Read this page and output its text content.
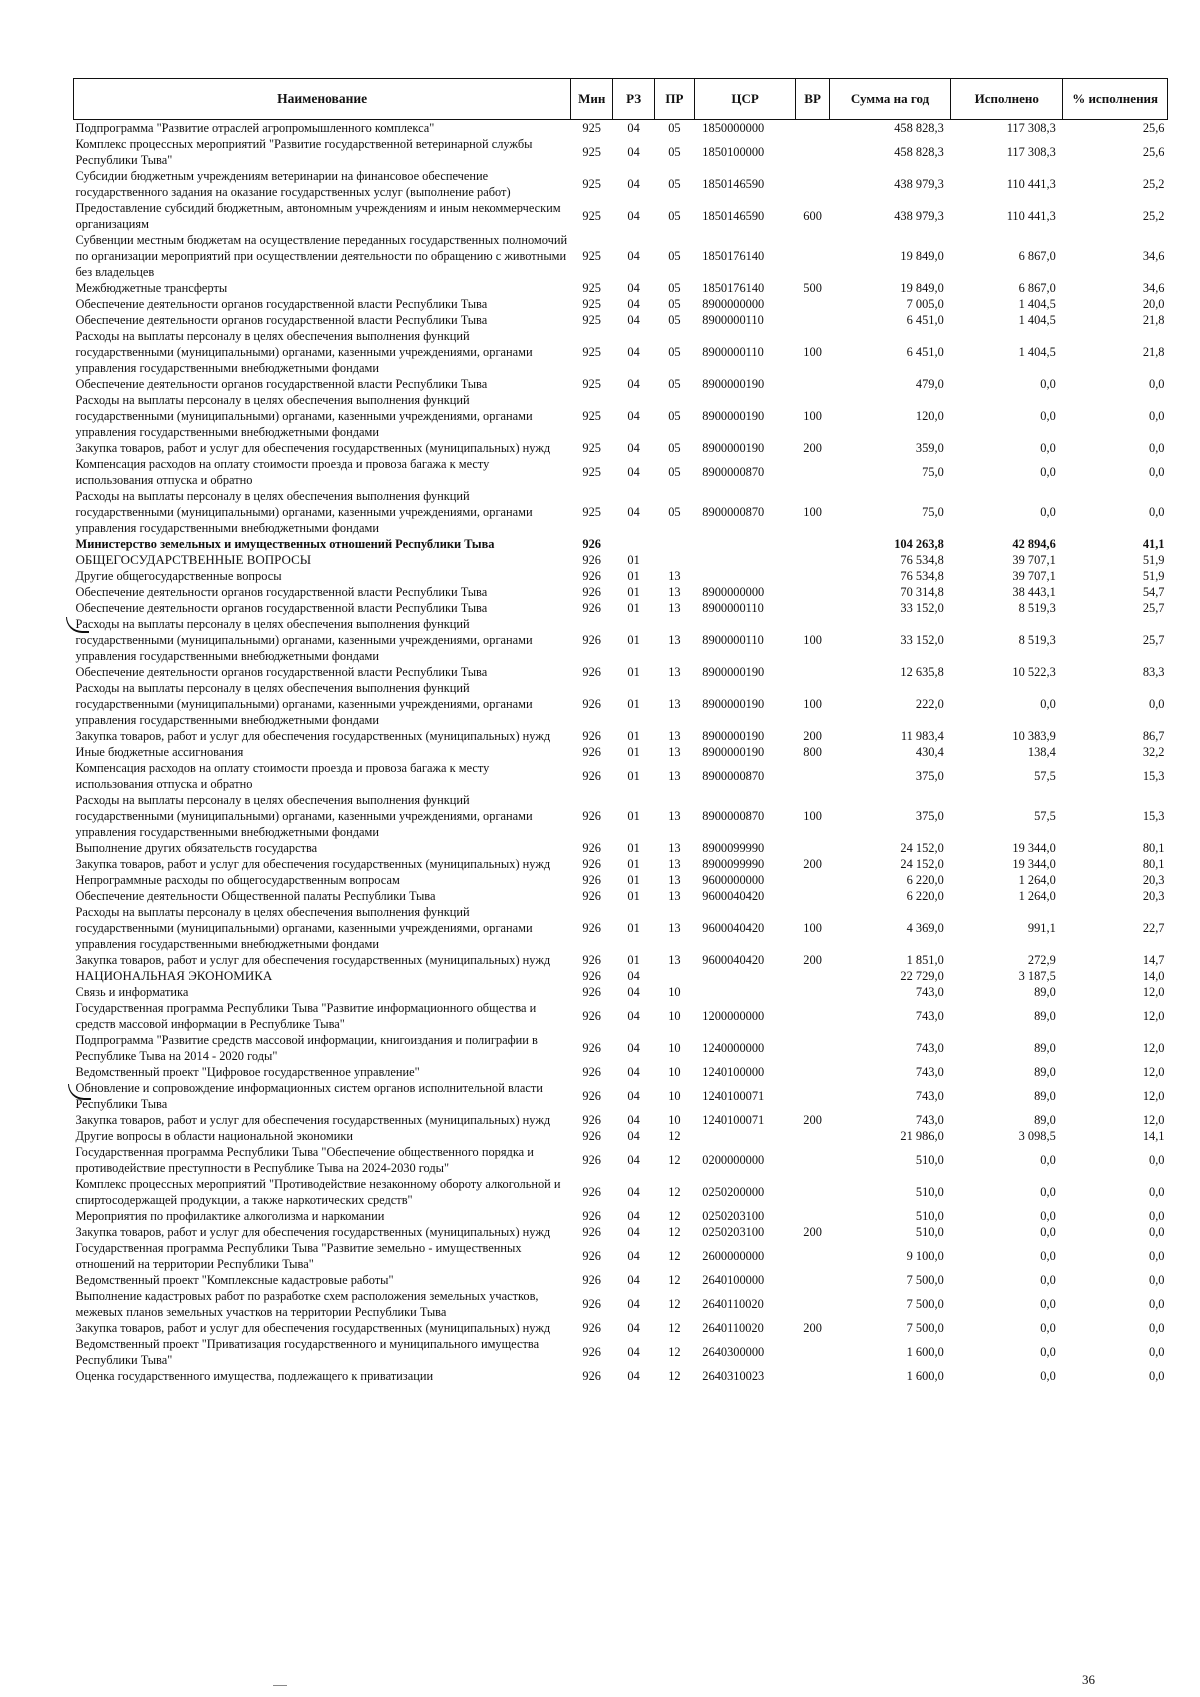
Наименование	Мин	РЗ	ПР	ЦСР	ВР	Сумма на год	Исполнено	% исполнения
Подпрограмма "Развитие отраслей агропромышленного комплекса"	925	04	05	1850000000		458 828,3	117 308,3	25,6
Комплекс процессных мероприятий "Развитие государственной ветеринарной службы Республики Тыва"	925	04	05	1850100000		458 828,3	117 308,3	25,6
Субсидии бюджетным учреждениям ветеринарии на финансовое обеспечение государственного задания на оказание государственных услуг (выполнение работ)	925	04	05	1850146590		438 979,3	110 441,3	25,2
Предоставление субсидий бюджетным, автономным учреждениям и иным некоммерческим организациям	925	04	05	1850146590	600	438 979,3	110 441,3	25,2
Субвенции местным бюджетам на осуществление переданных государственных полномочий по организации мероприятий при осуществлении деятельности по обращению с животными без владельцев	925	04	05	1850176140		19 849,0	6 867,0	34,6
Межбюджетные трансферты	925	04	05	1850176140	500	19 849,0	6 867,0	34,6
Обеспечение деятельности органов государственной власти Республики Тыва	925	04	05	8900000000		7 005,0	1 404,5	20,0
Обеспечение деятельности органов государственной власти Республики Тыва	925	04	05	8900000110		6 451,0	1 404,5	21,8
Расходы на выплаты персоналу в целях обеспечения выполнения функций государственными (муниципальными) органами, казенными учреждениями, органами управления государственными внебюджетными фондами	925	04	05	8900000110	100	6 451,0	1 404,5	21,8
Обеспечение деятельности органов государственной власти Республики Тыва	925	04	05	8900000190		479,0	0,0	0,0
Расходы на выплаты персоналу в целях обеспечения выполнения функций государственными (муниципальными) органами, казенными учреждениями, органами управления государственными внебюджетными фондами	925	04	05	8900000190	100	120,0	0,0	0,0
Закупка товаров, работ и услуг для обеспечения государственных (муниципальных) нужд	925	04	05	8900000190	200	359,0	0,0	0,0
Компенсация расходов на оплату стоимости проезда и провоза багажа к месту использования отпуска и обратно	925	04	05	8900000870		75,0	0,0	0,0
Расходы на выплаты персоналу в целях обеспечения выполнения функций государственными (муниципальными) органами, казенными учреждениями, органами управления государственными внебюджетными фондами	925	04	05	8900000870	100	75,0	0,0	0,0
Министерство земельных и имущественных отношений Республики Тыва	926					104 263,8	42 894,6	41,1
ОБЩЕГОСУДАРСТВЕННЫЕ ВОПРОСЫ	926	01				76 534,8	39 707,1	51,9
Другие общегосударственные вопросы	926	01	13			76 534,8	39 707,1	51,9
Обеспечение деятельности органов государственной власти Республики Тыва	926	01	13	8900000000		70 314,8	38 443,1	54,7
Обеспечение деятельности органов государственной власти Республики Тыва	926	01	13	8900000110		33 152,0	8 519,3	25,7
Расходы на выплаты персоналу в целях обеспечения выполнения функций государственными (муниципальными) органами, казенными учреждениями, органами управления государственными внебюджетными фондами	926	01	13	8900000110	100	33 152,0	8 519,3	25,7
Обеспечение деятельности органов государственной власти Республики Тыва	926	01	13	8900000190		12 635,8	10 522,3	83,3
Расходы на выплаты персоналу в целях обеспечения выполнения функций государственными (муниципальными) органами, казенными учреждениями, органами управления государственными внебюджетными фондами	926	01	13	8900000190	100	222,0	0,0	0,0
Закупка товаров, работ и услуг для обеспечения государственных (муниципальных) нужд	926	01	13	8900000190	200	11 983,4	10 383,9	86,7
Иные бюджетные ассигнования	926	01	13	8900000190	800	430,4	138,4	32,2
Компенсация расходов на оплату стоимости проезда и провоза багажа к месту использования отпуска и обратно	926	01	13	8900000870		375,0	57,5	15,3
Расходы на выплаты персоналу в целях обеспечения выполнения функций государственными (муниципальными) органами, казенными учреждениями, органами управления государственными внебюджетными фондами	926	01	13	8900000870	100	375,0	57,5	15,3
Выполнение других обязательств государства	926	01	13	8900099990		24 152,0	19 344,0	80,1
Закупка товаров, работ и услуг для обеспечения государственных (муниципальных) нужд	926	01	13	8900099990	200	24 152,0	19 344,0	80,1
Непрограммные расходы по общегосударственным вопросам	926	01	13	9600000000		6 220,0	1 264,0	20,3
Обеспечение деятельности Общественной палаты Республики Тыва	926	01	13	9600040420		6 220,0	1 264,0	20,3
Расходы на выплаты персоналу в целях обеспечения выполнения функций государственными (муниципальными) органами, казенными учреждениями, органами управления государственными внебюджетными фондами	926	01	13	9600040420	100	4 369,0	991,1	22,7
Закупка товаров, работ и услуг для обеспечения государственных (муниципальных) нужд	926	01	13	9600040420	200	1 851,0	272,9	14,7
НАЦИОНАЛЬНАЯ ЭКОНОМИКА	926	04				22 729,0	3 187,5	14,0
Связь и информатика	926	04	10			743,0	89,0	12,0
Государственная программа Республики Тыва "Развитие информационного общества и средств массовой информации в Республике Тыва"	926	04	10	1200000000		743,0	89,0	12,0
Подпрограмма "Развитие средств массовой информации, книгоиздания и полиграфии в Республике Тыва на 2014 - 2020 годы"	926	04	10	1240000000		743,0	89,0	12,0
Ведомственный проект "Цифровое государственное управление"	926	04	10	1240100000		743,0	89,0	12,0
Обновление и сопровождение информационных систем органов исполнительной власти Республики Тыва	926	04	10	1240100071		743,0	89,0	12,0
Закупка товаров, работ и услуг для обеспечения государственных (муниципальных) нужд	926	04	10	1240100071	200	743,0	89,0	12,0
Другие вопросы в области национальной экономики	926	04	12			21 986,0	3 098,5	14,1
Государственная программа Республики Тыва "Обеспечение общественного порядка и противодействие преступности в Республике Тыва на 2024-2030 годы"	926	04	12	0200000000		510,0	0,0	0,0
Комплекс процессных мероприятий "Противодействие незаконному обороту алкогольной и спиртосодержащей продукции, а также наркотических средств"	926	04	12	0250200000		510,0	0,0	0,0
Мероприятия по профилактике алкоголизма и наркомании	926	04	12	0250203100		510,0	0,0	0,0
Закупка товаров, работ и услуг для обеспечения государственных (муниципальных) нужд	926	04	12	0250203100	200	510,0	0,0	0,0
Государственная программа Республики Тыва "Развитие земельно - имущественных отношений на территории Республики Тыва"	926	04	12	2600000000		9 100,0	0,0	0,0
Ведомственный проект "Комплексные кадастровые работы"	926	04	12	2640100000		7 500,0	0,0	0,0
Выполнение кадастровых работ по разработке схем расположения земельных участков, межевых планов земельных участков на территории Республики Тыва	926	04	12	2640110020		7 500,0	0,0	0,0
Закупка товаров, работ и услуг для обеспечения государственных (муниципальных) нужд	926	04	12	2640110020	200	7 500,0	0,0	0,0
Ведомственный проект "Приватизация государственного и муниципального имущества Республики Тыва"	926	04	12	2640300000		1 600,0	0,0	0,0
Оценка государственного имущества, подлежащего к приватизации	926	04	12	2640310023		1 600,0	0,0	0,0
36
